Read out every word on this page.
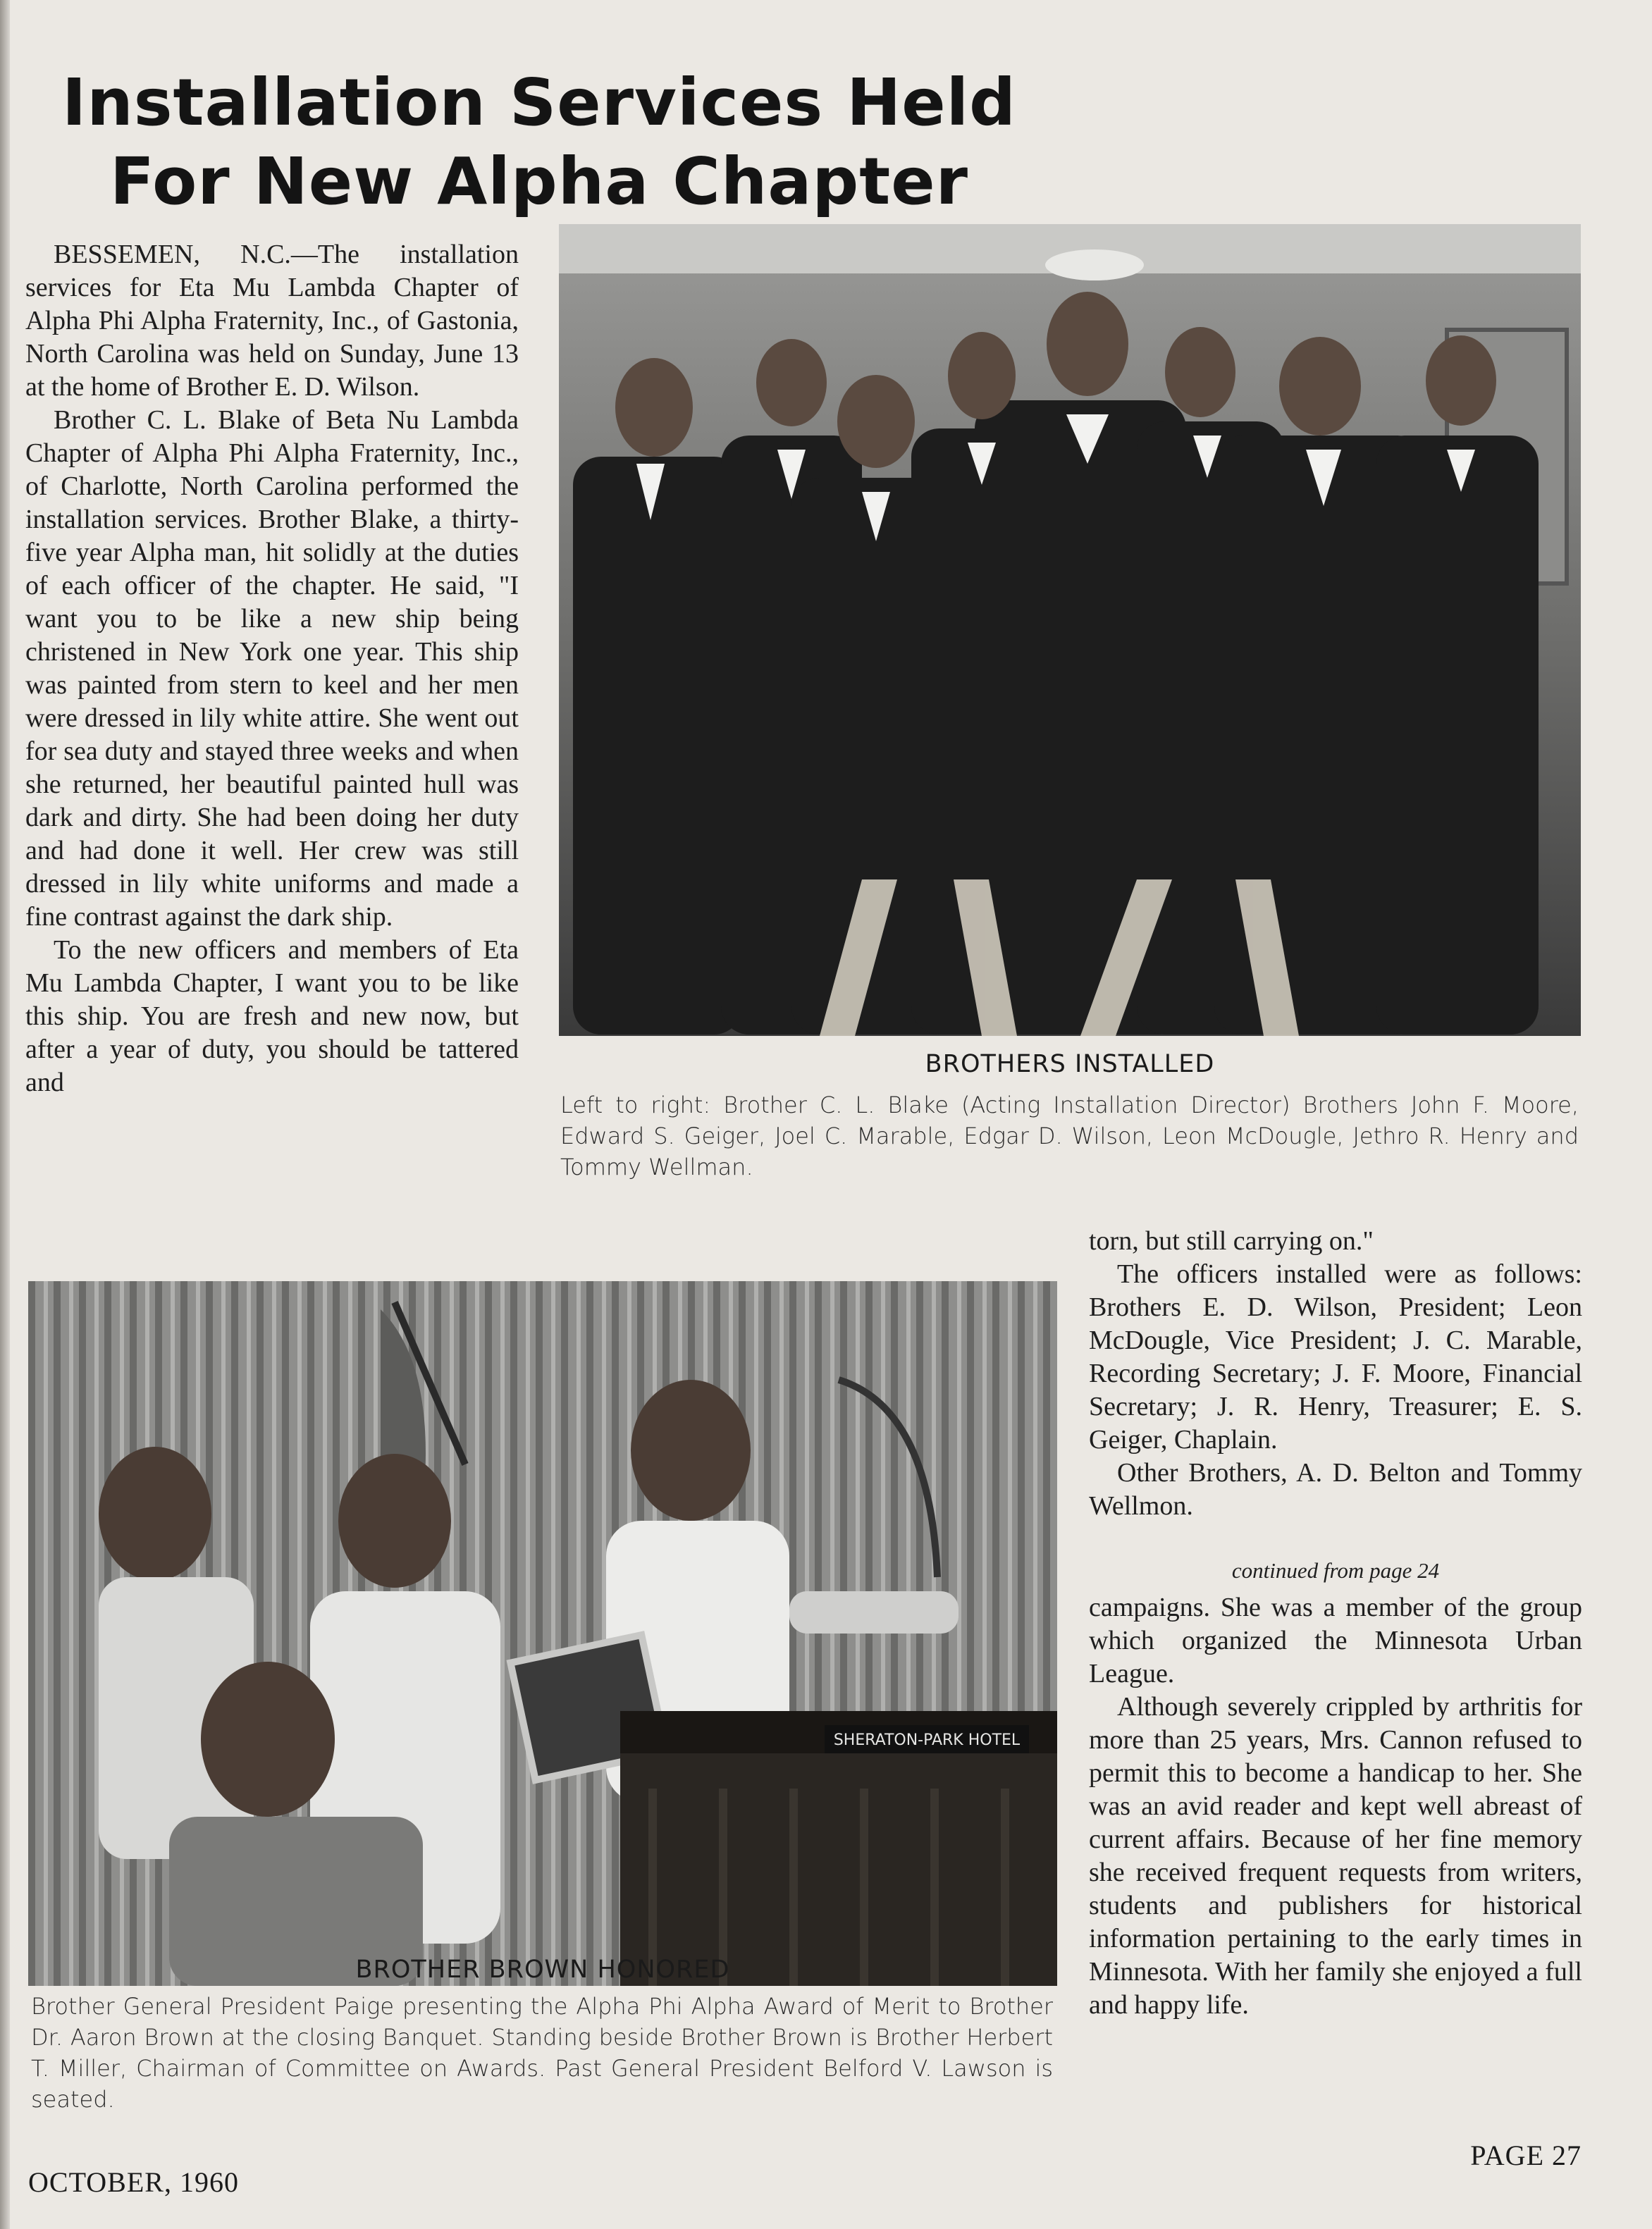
Installation Services Held
For New Alpha Chapter

BESSEMEN, N.C.—The installation services for Eta Mu Lambda Chapter of Alpha Phi Alpha Fraternity, Inc., of Gastonia, North Carolina was held on Sunday, June 13 at the home of Brother E. D. Wilson.

Brother C. L. Blake of Beta Nu Lambda Chapter of Alpha Phi Alpha Fraternity, Inc., of Charlotte, North Carolina performed the installation services. Brother Blake, a thirty-five year Alpha man, hit solidly at the duties of each officer of the chapter. He said, "I want you to be like a new ship being christened in New York one year. This ship was painted from stern to keel and her men were dressed in lily white attire. She went out for sea duty and stayed three weeks and when she returned, her beautiful painted hull was dark and dirty. She had been doing her duty and had done it well. Her crew was still dressed in lily white uniforms and made a fine contrast against the dark ship.

To the new officers and members of Eta Mu Lambda Chapter, I want you to be like this ship. You are fresh and new now, but after a year of duty, you should be tattered and

BROTHERS INSTALLED
Left to right: Brother C. L. Blake (Acting Installation Director) Brothers John F. Moore, Edward S. Geiger, Joel C. Marable, Edgar D. Wilson, Leon McDougle, Jethro R. Henry and Tommy Wellman.
SHERATON-PARK HOTEL
BROTHER BROWN HONORED
Brother General President Paige presenting the Alpha Phi Alpha Award of Merit to Brother Dr. Aaron Brown at the closing Banquet. Standing beside Brother Brown is Brother Herbert T. Miller, Chairman of Committee on Awards. Past General President Belford V. Lawson is seated.

torn, but still carrying on."

The officers installed were as follows: Brothers E. D. Wilson, President; Leon McDougle, Vice President; J. C. Marable, Recording Secretary; J. F. Moore, Financial Secretary; J. R. Henry, Treasurer; E. S. Geiger, Chaplain.

Other Brothers, A. D. Belton and Tommy Wellmon.

continued from page 24

campaigns. She was a member of the group which organized the Minnesota Urban League.

Although severely crippled by arthritis for more than 25 years, Mrs. Cannon refused to permit this to become a handicap to her. She was an avid reader and kept well abreast of current affairs. Because of her fine memory she received frequent requests from writers, students and publishers for historical information pertaining to the early times in Minnesota. With her family she enjoyed a full and happy life.

OCTOBER, 1960
PAGE 27
